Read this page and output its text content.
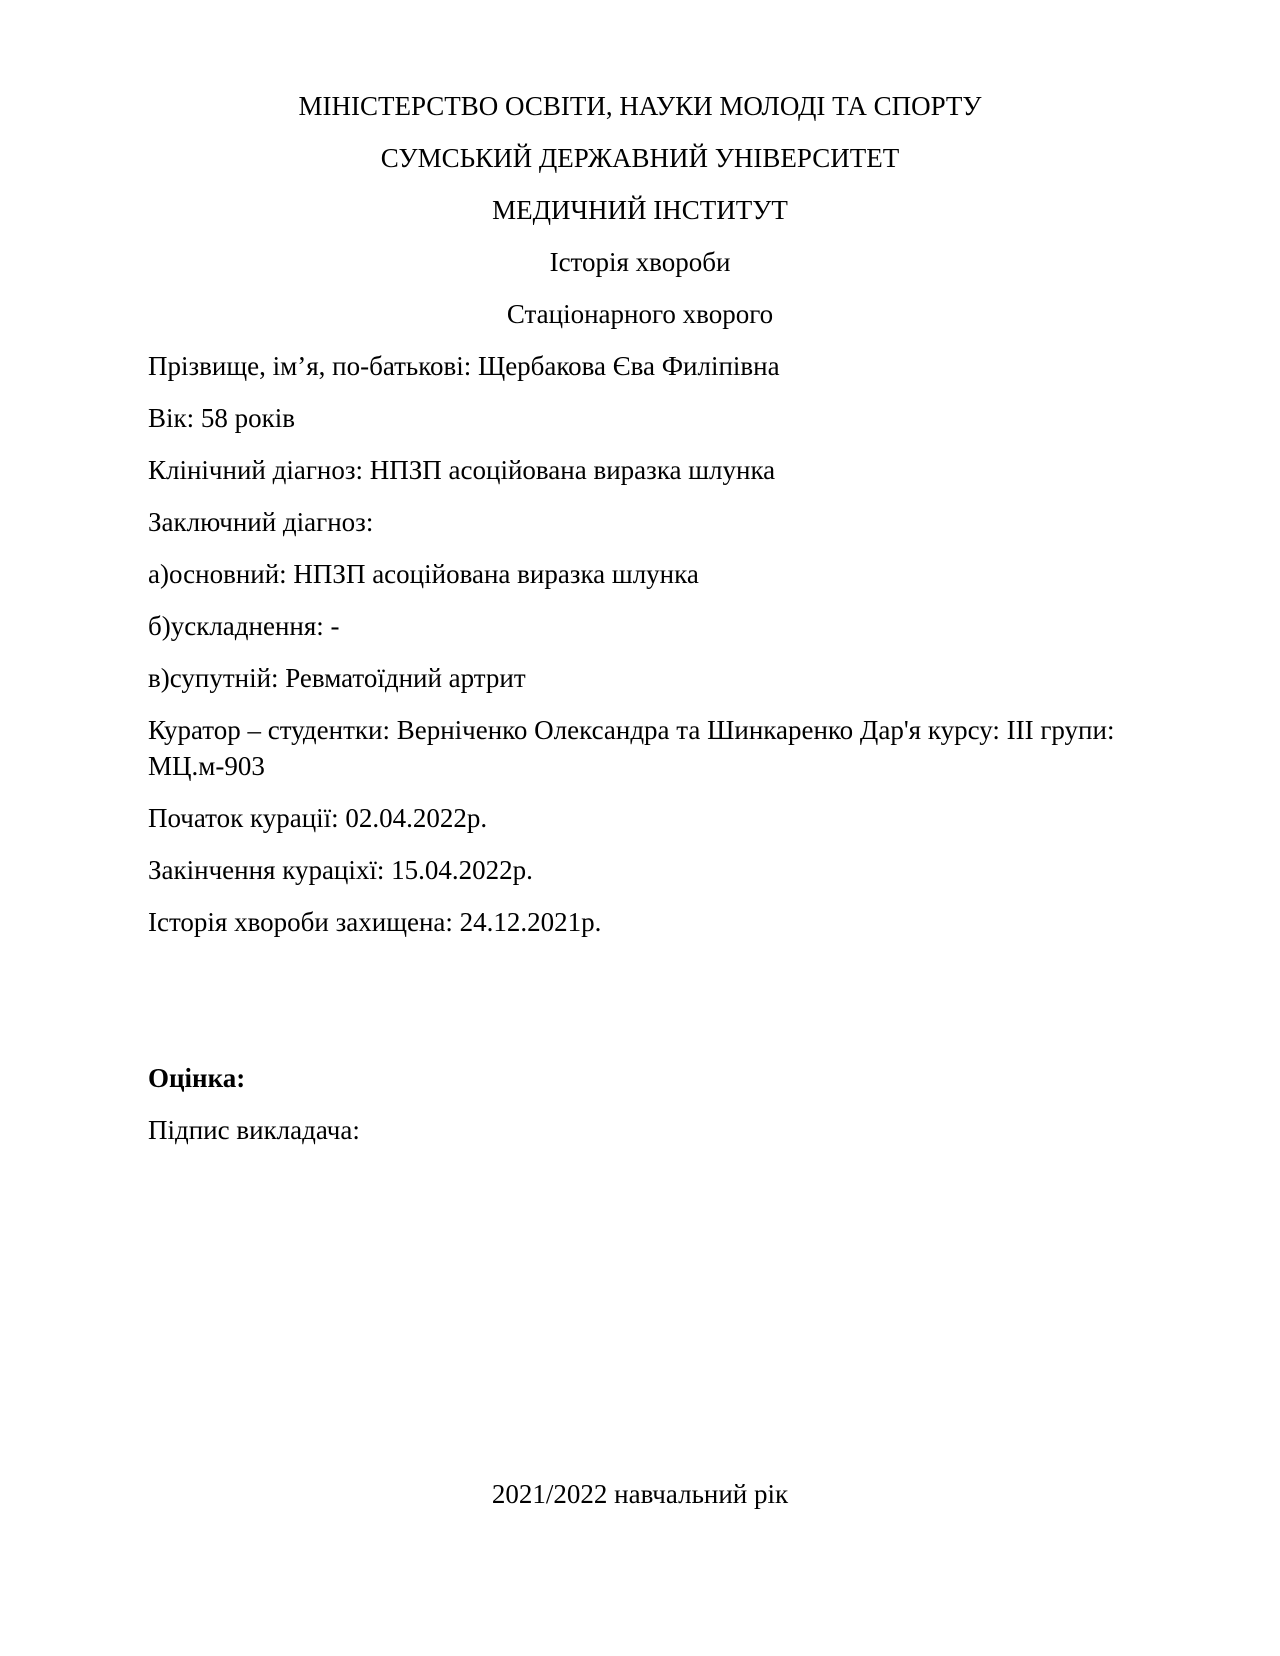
МІНІСТЕРСТВО ОСВІТИ, НАУКИ МОЛОДІ ТА СПОРТУ
СУМСЬКИЙ ДЕРЖАВНИЙ УНІВЕРСИТЕТ
МЕДИЧНИЙ ІНСТИТУТ
Історія хвороби
Стаціонарного хворого
Прізвище, ім’я, по-батькові: Щербакова Єва Филіпівна
Вік: 58 років
Клінічний діагноз: НПЗП асоційована виразка шлунка
Заключний діагноз:
а)основний: НПЗП асоційована виразка шлунка
б)ускладнення: -
в)супутній: Ревматоїдний артрит
Куратор – студентки: Верніченко Олександра та Шинкаренко Дар'я курсу: ІІІ групи: МЦ.м-903
Початок курації: 02.04.2022р.
Закінчення курацiхї: 15.04.2022р.
Історія хвороби захищена: 24.12.2021р.
Оцінка:
Підпис викладача:
2021/2022 навчальний рік
